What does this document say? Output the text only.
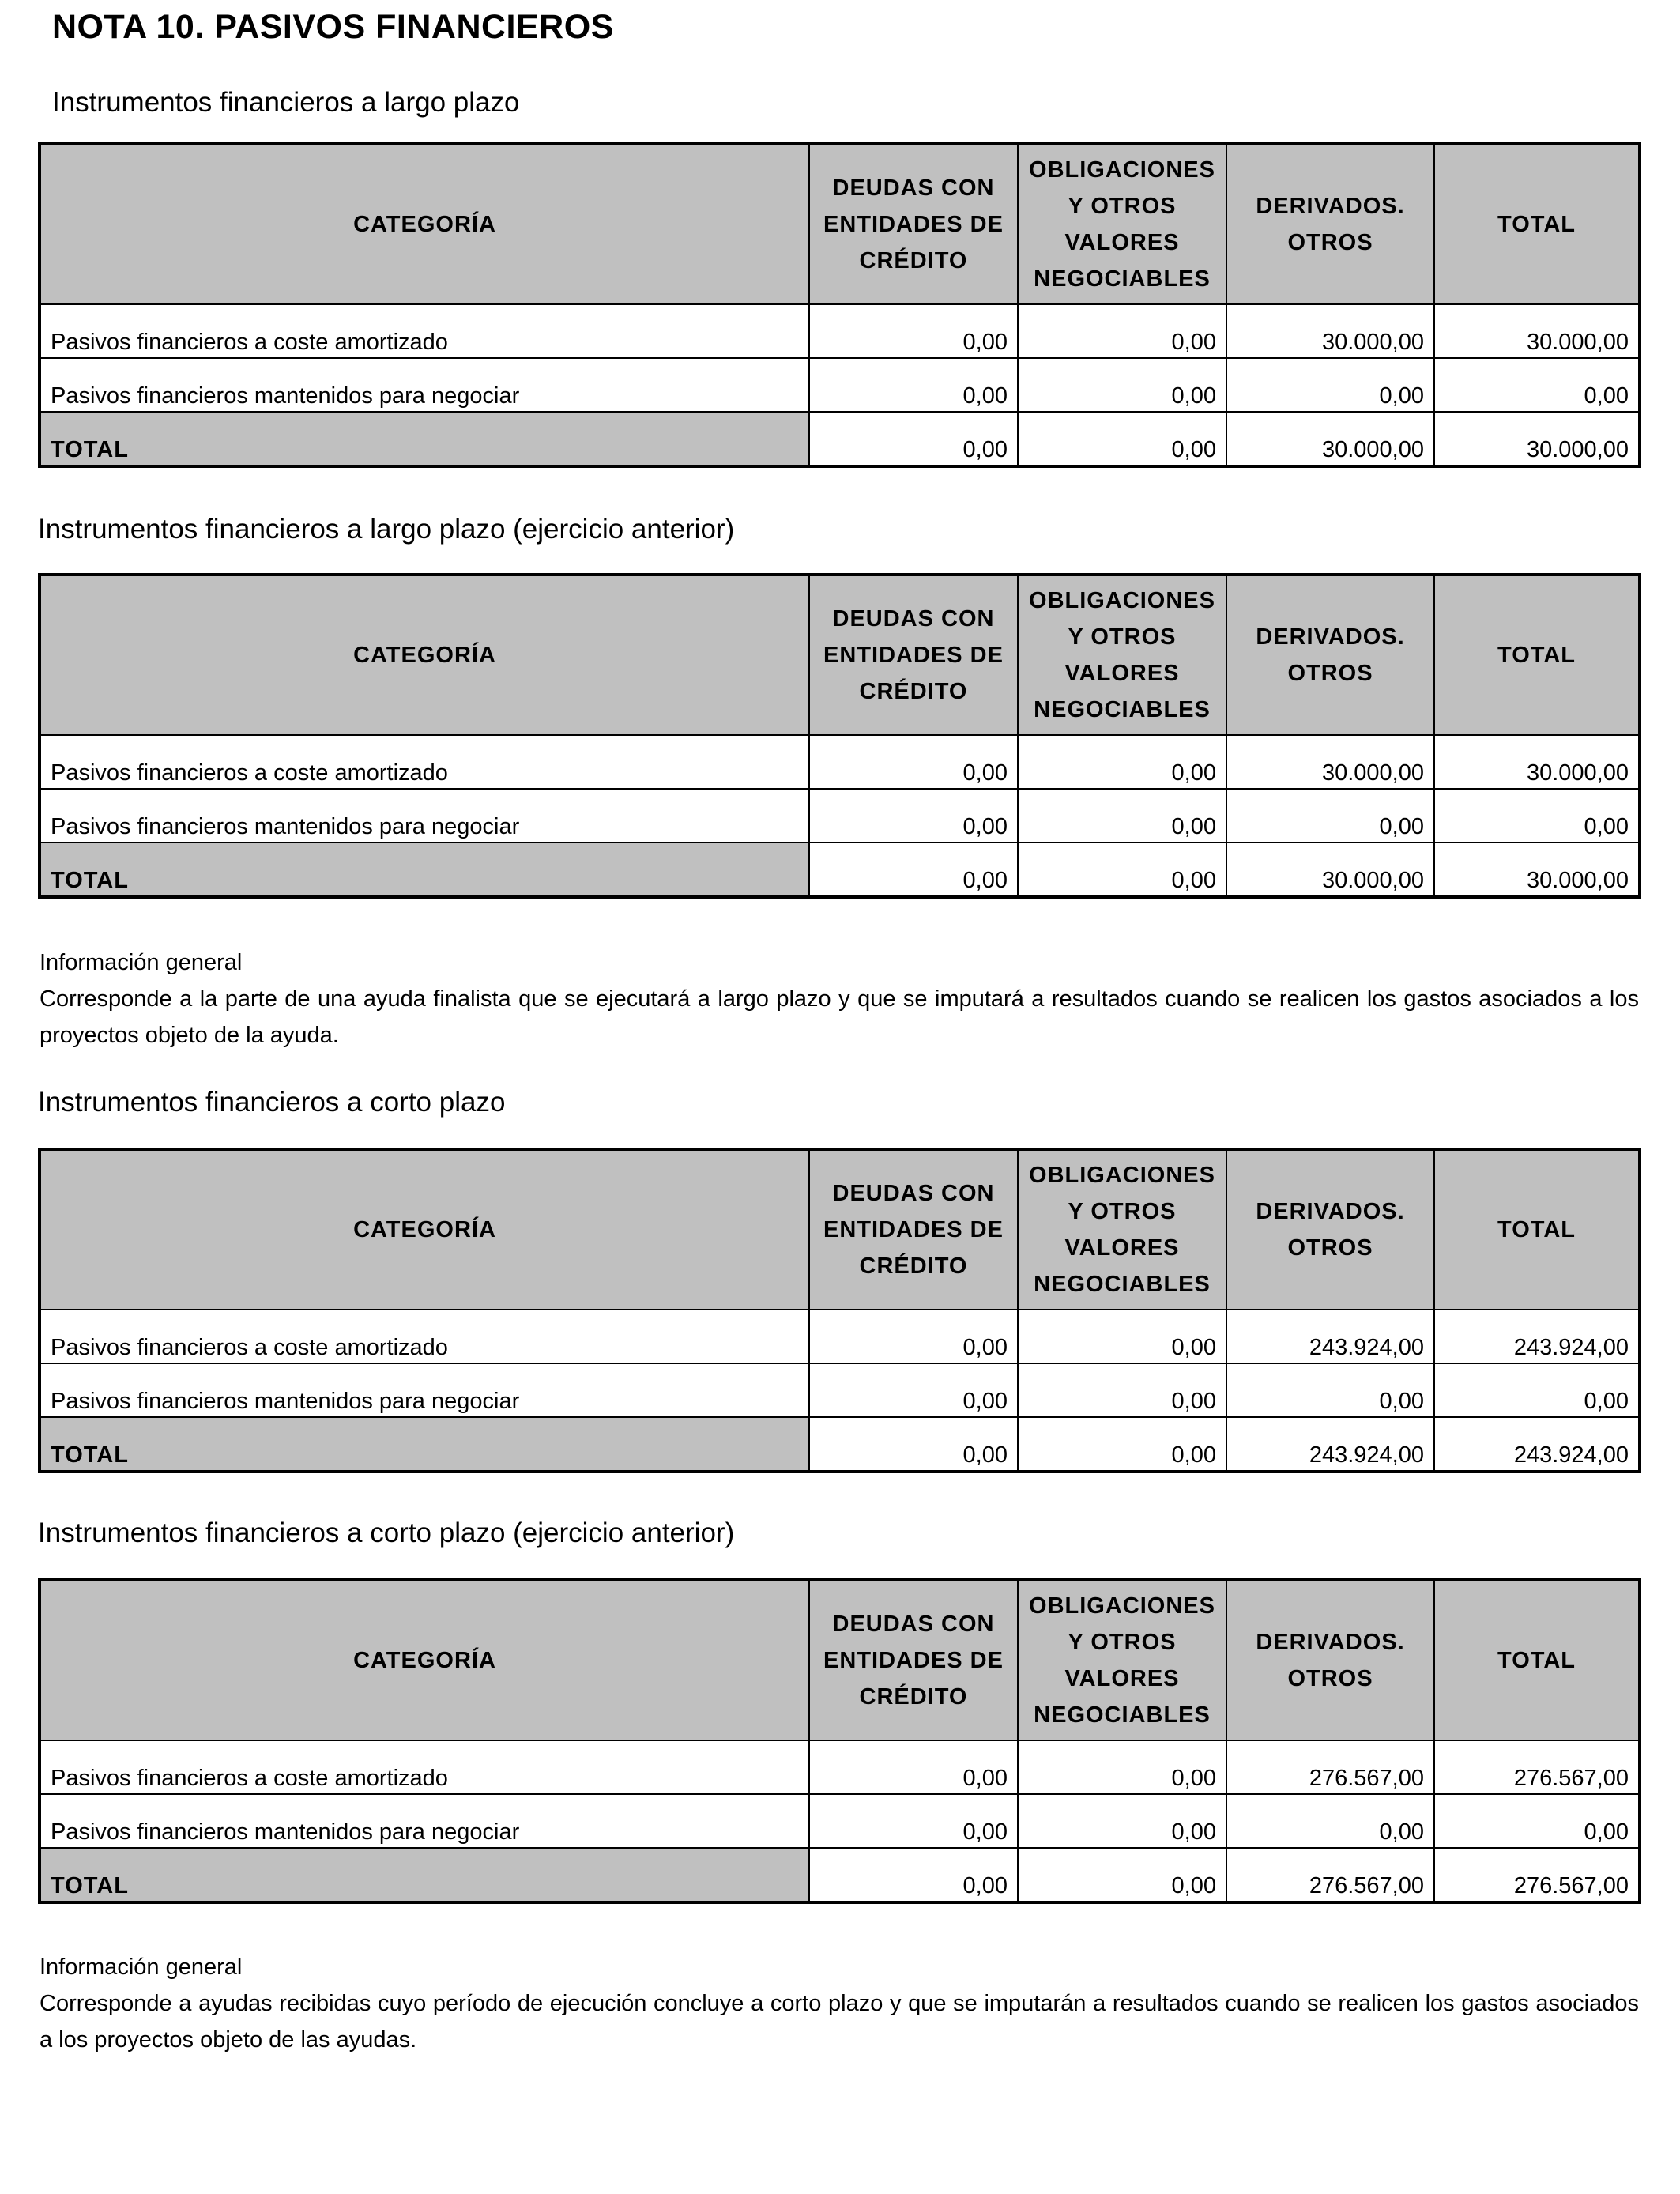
NOTA 10. PASIVOS FINANCIEROS
Instrumentos financieros a largo plazo
CATEGORÍA	DEUDAS CON ENTIDADES DE CRÉDITO	OBLIGACIONES Y OTROS VALORES NEGOCIABLES	DERIVADOS. OTROS	TOTAL
Pasivos financieros a coste amortizado	0,00	0,00	30.000,00	30.000,00
Pasivos financieros mantenidos para negociar	0,00	0,00	0,00	0,00
TOTAL	0,00	0,00	30.000,00	30.000,00
Instrumentos financieros a largo plazo (ejercicio anterior)
CATEGORÍA	DEUDAS CON ENTIDADES DE CRÉDITO	OBLIGACIONES Y OTROS VALORES NEGOCIABLES	DERIVADOS. OTROS	TOTAL
Pasivos financieros a coste amortizado	0,00	0,00	30.000,00	30.000,00
Pasivos financieros mantenidos para negociar	0,00	0,00	0,00	0,00
TOTAL	0,00	0,00	30.000,00	30.000,00
Información general
Corresponde a la parte de una ayuda finalista que se ejecutará a largo plazo y que se imputará a resultados cuando se realicen los gastos asociados a los proyectos objeto de la ayuda.
Instrumentos financieros a corto plazo
CATEGORÍA	DEUDAS CON ENTIDADES DE CRÉDITO	OBLIGACIONES Y OTROS VALORES NEGOCIABLES	DERIVADOS. OTROS	TOTAL
Pasivos financieros a coste amortizado	0,00	0,00	243.924,00	243.924,00
Pasivos financieros mantenidos para negociar	0,00	0,00	0,00	0,00
TOTAL	0,00	0,00	243.924,00	243.924,00
Instrumentos financieros a corto plazo (ejercicio anterior)
CATEGORÍA	DEUDAS CON ENTIDADES DE CRÉDITO	OBLIGACIONES Y OTROS VALORES NEGOCIABLES	DERIVADOS. OTROS	TOTAL
Pasivos financieros a coste amortizado	0,00	0,00	276.567,00	276.567,00
Pasivos financieros mantenidos para negociar	0,00	0,00	0,00	0,00
TOTAL	0,00	0,00	276.567,00	276.567,00
Información general
Corresponde a ayudas recibidas cuyo período de ejecución concluye a corto plazo y que se imputarán a resultados cuando se realicen los gastos asociados a los proyectos objeto de las ayudas.
